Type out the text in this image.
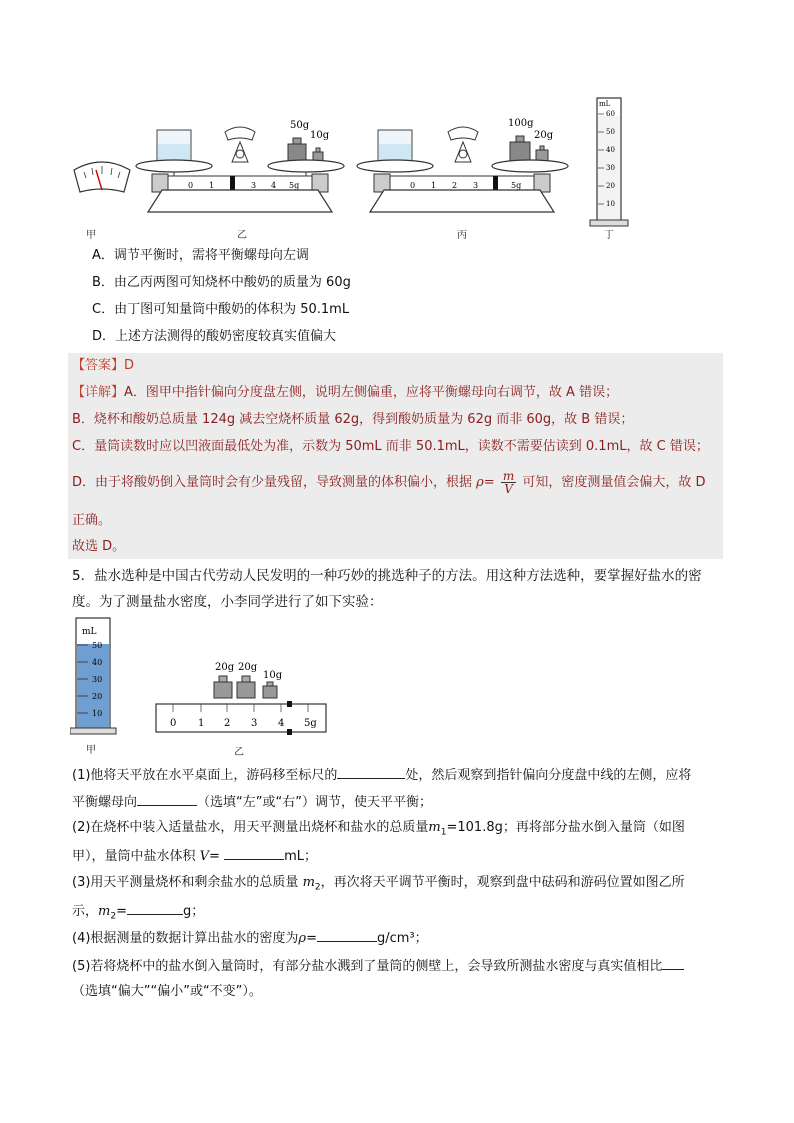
50g
10g
0 1	3 4 5g
100g
20g
0 1 2 3	5g
mL
60
50
40
30
20
10
甲	乙	丙	丁
A．调节平衡时，需将平衡螺母向左调
B．由乙丙两图可知烧杯中酸奶的质量为 60g
C．由丁图可知量筒中酸奶的体积为 50.1mL
D．上述方法测得的酸奶密度较真实值偏大
【答案】D
【详解】A．图甲中指针偏向分度盘左侧，说明左侧偏重，应将平衡螺母向右调节，故 A 错误；
B．烧杯和酸奶总质量 124g 减去空烧杯质量 62g，得到酸奶质量为 62g 而非 60g，故 B 错误；
C．量筒读数时应以凹液面最低处为准，示数为 50mL 而非 50.1mL，读数不需要估读到 0.1mL，故 C 错误；
D．由于将酸奶倒入量筒时会有少量残留，导致测量的体积偏小，根据 $\rho= \frac{m}{V}$ 可知，密度测量值会偏大，故 D
正确。
故选 D。
5．盐水选种是中国古代劳动人民发明的一种巧妙的挑选种子的方法。用这种方法选种，要掌握好盐水的密
度。为了测量盐水密度，小李同学进行了如下实验：
mL
50
40
30
20
10
20g 20g
10g
0 1 2 3 4 5g
甲	乙
(1)他将天平放在水平桌面上，游码移至标尺的	处，然后观察到指针偏向分度盘中线的左侧，应将
平衡螺母向	（选填“左”或“右”）调节，使天平平衡；
(2)在烧杯中装入适量盐水，用天平测量出烧杯和盐水的总质量$m_1=101.8g$；再将部分盐水倒入量筒（如图
甲），量筒中盐水体积 V=	mL；
(3)用天平测量烧杯和剩余盐水的总质量 $m_2$，再次将天平调节平衡时，观察到盘中砝码和游码位置如图乙所
示，$m_2=$	g；
(4)根据测量的数据计算出盐水的密度为ρ=	g/cm³；
(5)若将烧杯中的盐水倒入量筒时，有部分盐水溅到了量筒的侧壁上，会导致所测盐水密度与真实值相比
（选填“偏大”“偏小”或“不变”）。
